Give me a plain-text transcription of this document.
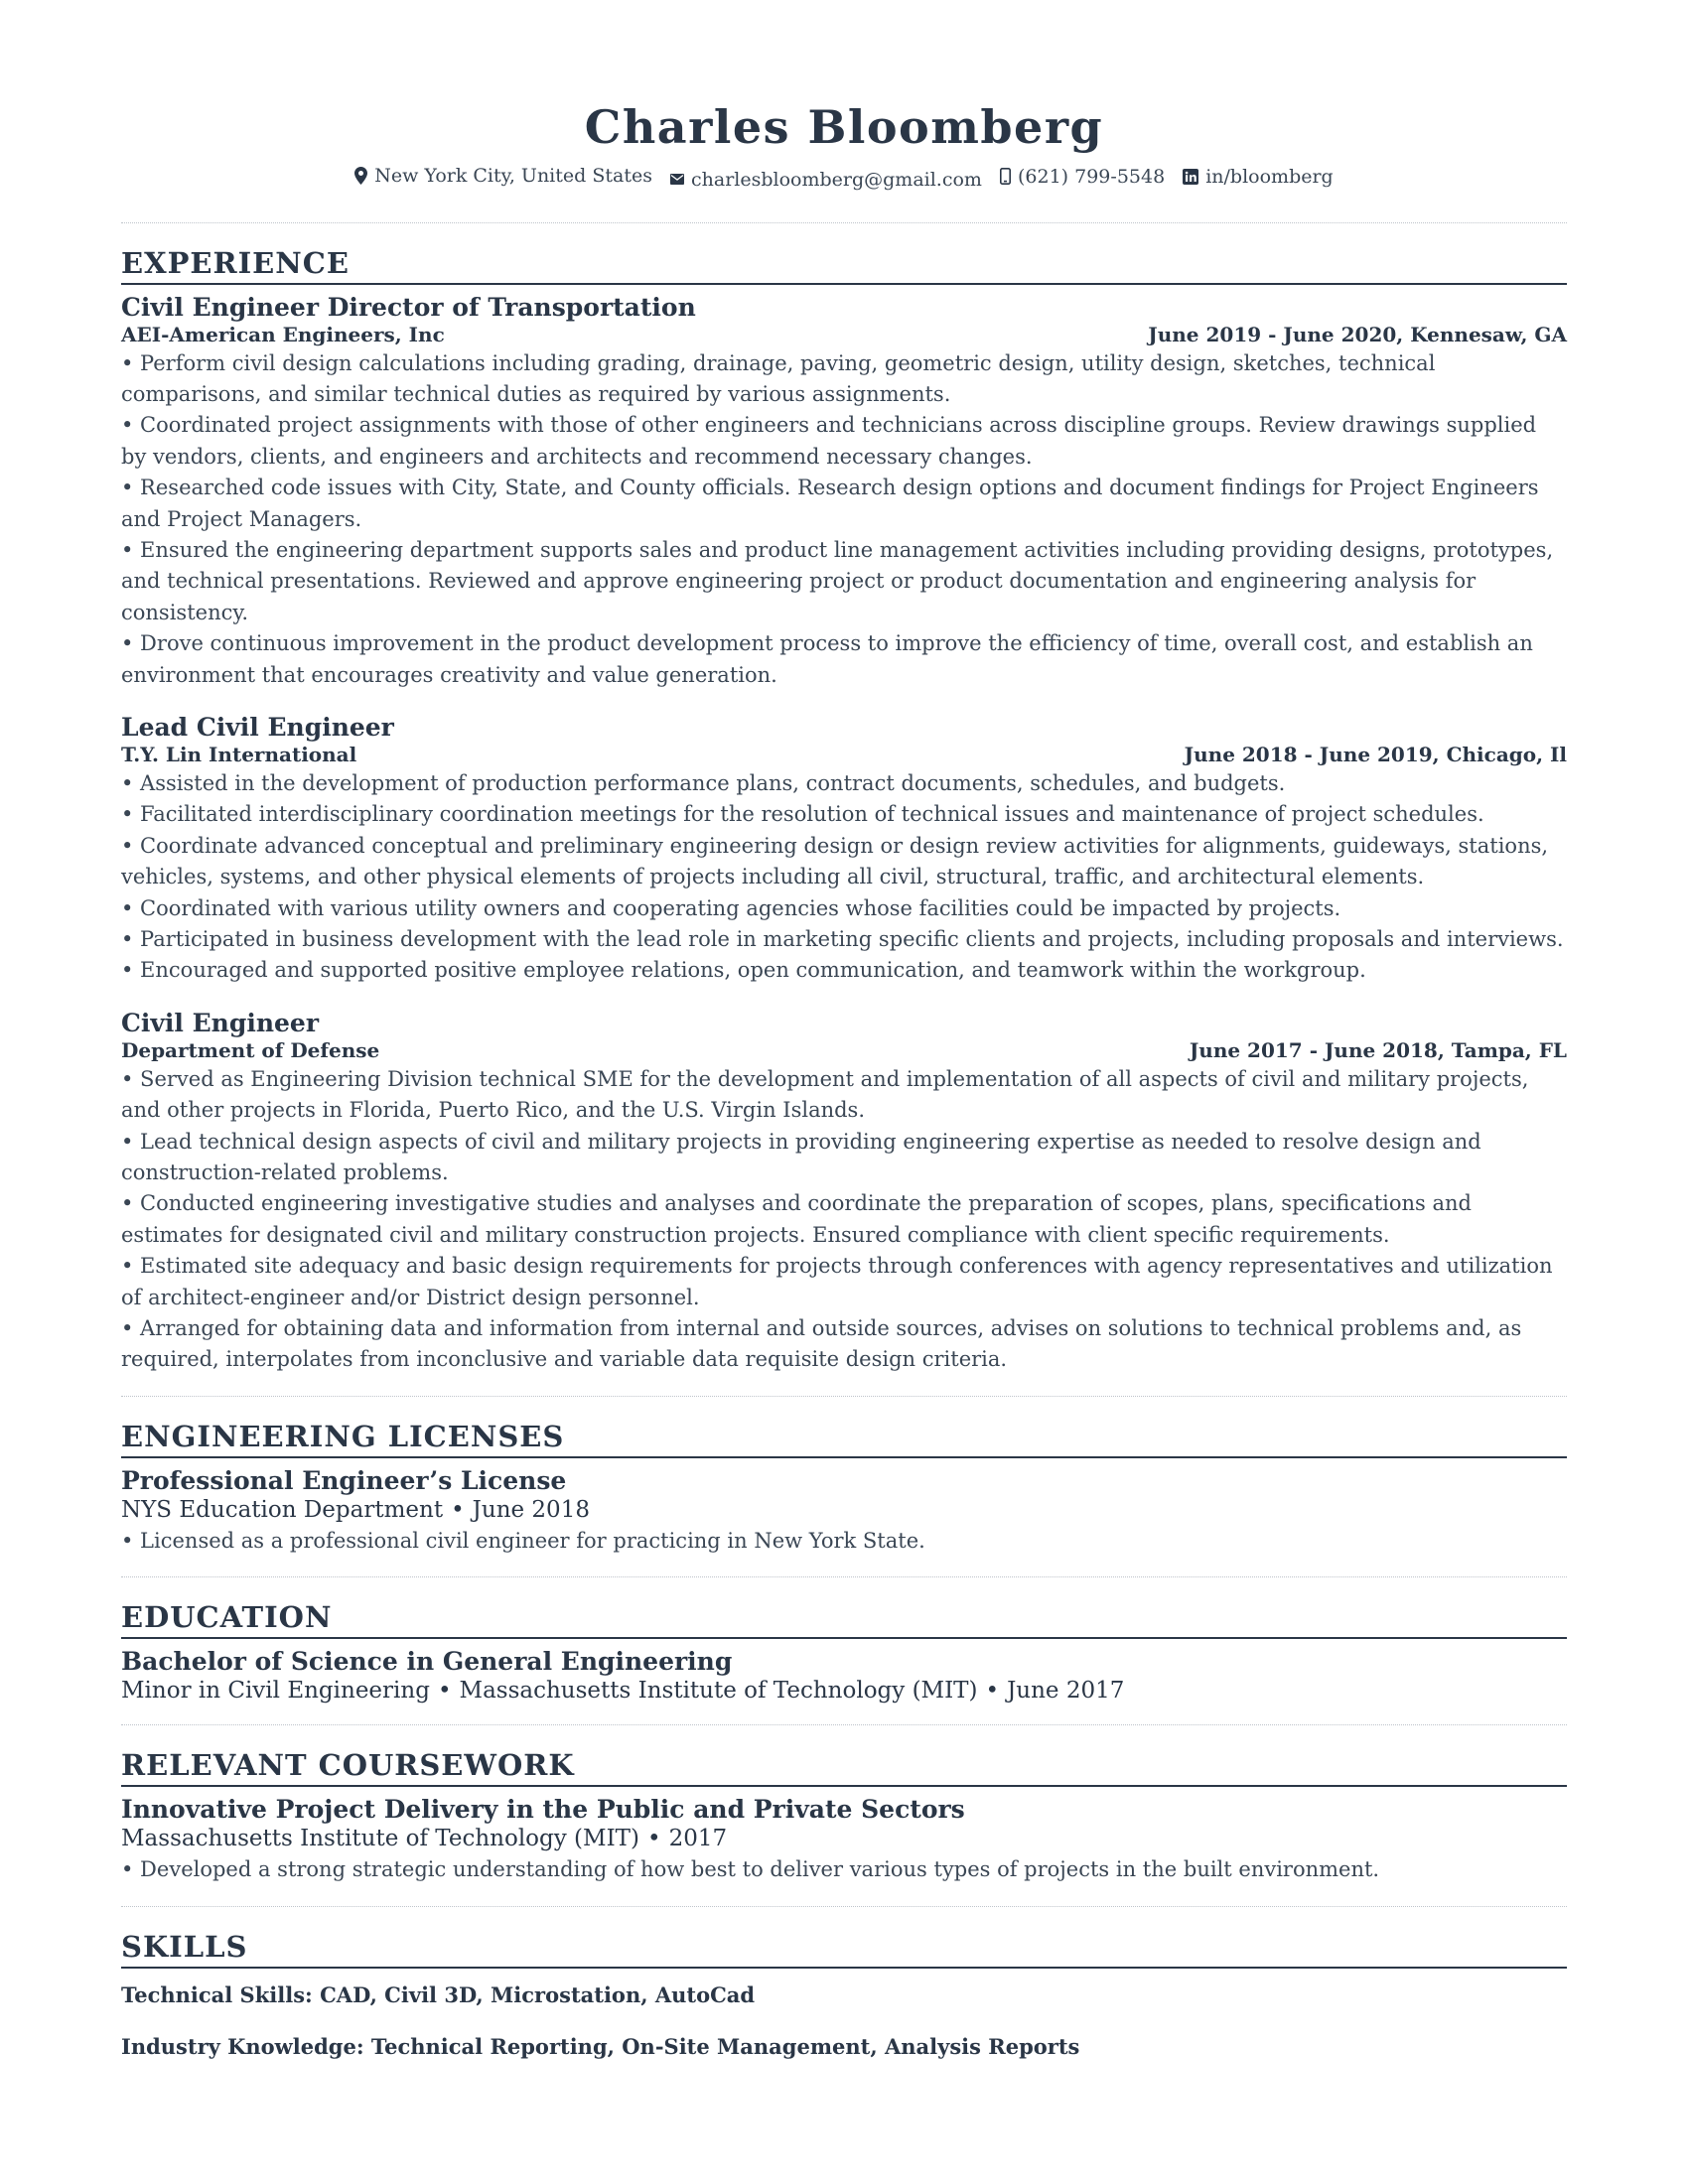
Charles Bloomberg
New York City, United States
charlesbloomberg@gmail.com
(621) 799-5548
in/bloomberg
EXPERIENCE
Civil Engineer Director of Transportation
AEI-American Engineers, Inc	June 2019 - June 2020, Kennesaw, GA
• Perform civil design calculations including grading, drainage, paving, geometric design, utility design, sketches, technical comparisons, and similar technical duties as required by various assignments.
• Coordinated project assignments with those of other engineers and technicians across discipline groups. Review drawings supplied by vendors, clients, and engineers and architects and recommend necessary changes.
• Researched code issues with City, State, and County officials. Research design options and document findings for Project Engineers and Project Managers.
• Ensured the engineering department supports sales and product line management activities including providing designs, prototypes, and technical presentations. Reviewed and approve engineering project or product documentation and engineering analysis for consistency.
• Drove continuous improvement in the product development process to improve the efficiency of time, overall cost, and establish an environment that encourages creativity and value generation.
Lead Civil Engineer
T.Y. Lin International	June 2018 - June 2019, Chicago, Il
• Assisted in the development of production performance plans, contract documents, schedules, and budgets.
• Facilitated interdisciplinary coordination meetings for the resolution of technical issues and maintenance of project schedules.
• Coordinate advanced conceptual and preliminary engineering design or design review activities for alignments, guideways, stations, vehicles, systems, and other physical elements of projects including all civil, structural, traffic, and architectural elements.
• Coordinated with various utility owners and cooperating agencies whose facilities could be impacted by projects.
• Participated in business development with the lead role in marketing specific clients and projects, including proposals and interviews.
• Encouraged and supported positive employee relations, open communication, and teamwork within the workgroup.
Civil Engineer
Department of Defense	June 2017 - June 2018, Tampa, FL
• Served as Engineering Division technical SME for the development and implementation of all aspects of civil and military projects, and other projects in Florida, Puerto Rico, and the U.S. Virgin Islands.
• Lead technical design aspects of civil and military projects in providing engineering expertise as needed to resolve design and construction-related problems.
• Conducted engineering investigative studies and analyses and coordinate the preparation of scopes, plans, specifications and estimates for designated civil and military construction projects. Ensured compliance with client specific requirements.
• Estimated site adequacy and basic design requirements for projects through conferences with agency representatives and utilization of architect-engineer and/or District design personnel.
• Arranged for obtaining data and information from internal and outside sources, advises on solutions to technical problems and, as required, interpolates from inconclusive and variable data requisite design criteria.
ENGINEERING LICENSES
Professional Engineer’s License
NYS Education Department • June 2018
• Licensed as a professional civil engineer for practicing in New York State.
EDUCATION
Bachelor of Science in General Engineering
Minor in Civil Engineering • Massachusetts Institute of Technology (MIT) • June 2017
RELEVANT COURSEWORK
Innovative Project Delivery in the Public and Private Sectors
Massachusetts Institute of Technology (MIT) • 2017
• Developed a strong strategic understanding of how best to deliver various types of projects in the built environment.
SKILLS
Technical Skills: CAD, Civil 3D, Microstation, AutoCad
Industry Knowledge: Technical Reporting, On-Site Management, Analysis Reports
